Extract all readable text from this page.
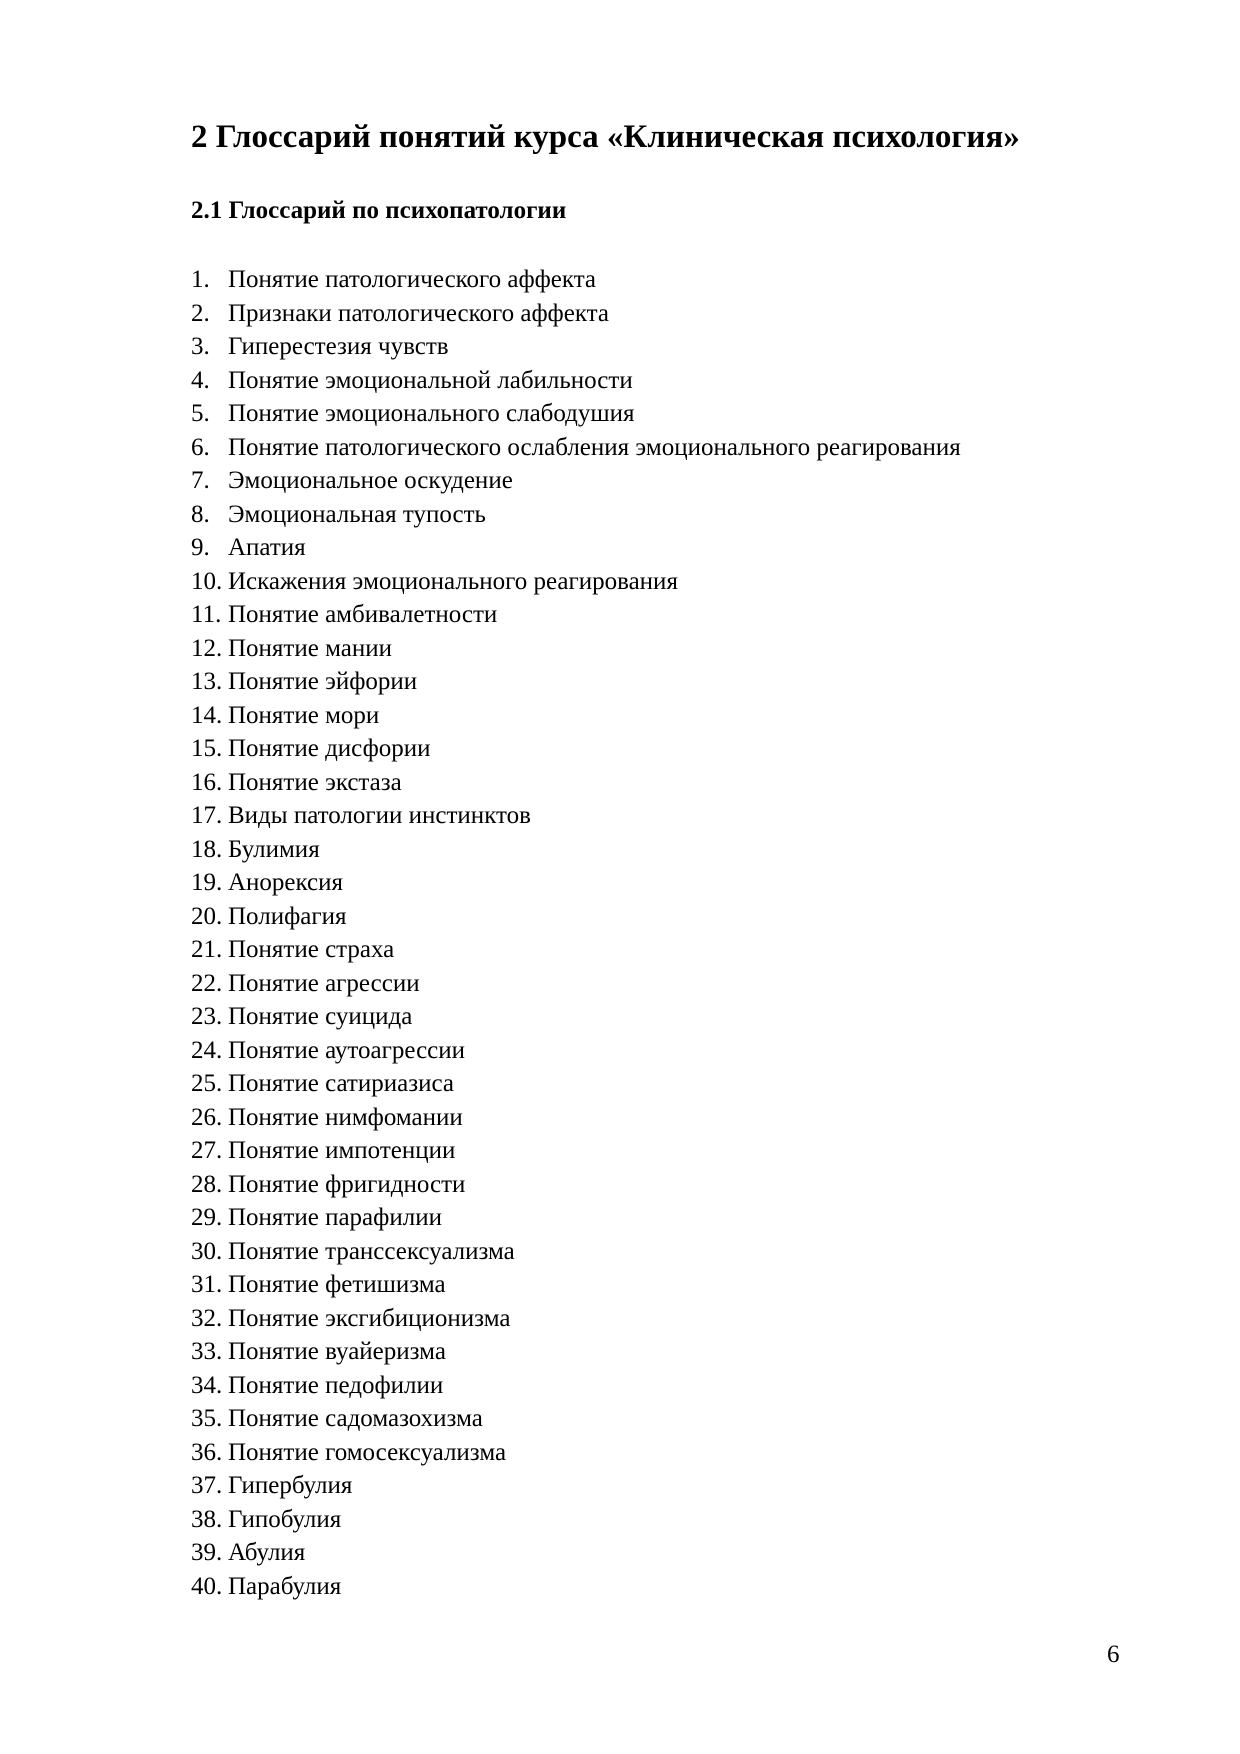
2 Глоссарий понятий курса «Клиническая психология»
2.1 Глоссарий по психопатологии
1. Понятие патологического аффекта
2. Признаки патологического аффекта
3. Гиперестезия чувств
4. Понятие эмоциональной лабильности
5. Понятие эмоционального слабодушия
6. Понятие патологического ослабления эмоционального реагирования
7. Эмоциональное оскудение
8. Эмоциональная тупость
9. Апатия
10. Искажения эмоционального реагирования
11. Понятие амбивалетности
12. Понятие мании
13. Понятие эйфории
14. Понятие мори
15. Понятие дисфории
16. Понятие экстаза
17. Виды патологии инстинктов
18. Булимия
19. Анорексия
20. Полифагия
21. Понятие страха
22. Понятие агрессии
23. Понятие суицида
24. Понятие аутоагрессии
25. Понятие сатириазиса
26. Понятие нимфомании
27. Понятие импотенции
28. Понятие фригидности
29. Понятие парафилии
30. Понятие транссексуализма
31. Понятие фетишизма
32. Понятие эксгибиционизма
33. Понятие вуайеризма
34. Понятие педофилии
35. Понятие садомазохизма
36. Понятие гомосексуализма
37. Гипербулия
38. Гипобулия
39. Абулия
40. Парабулия
6
